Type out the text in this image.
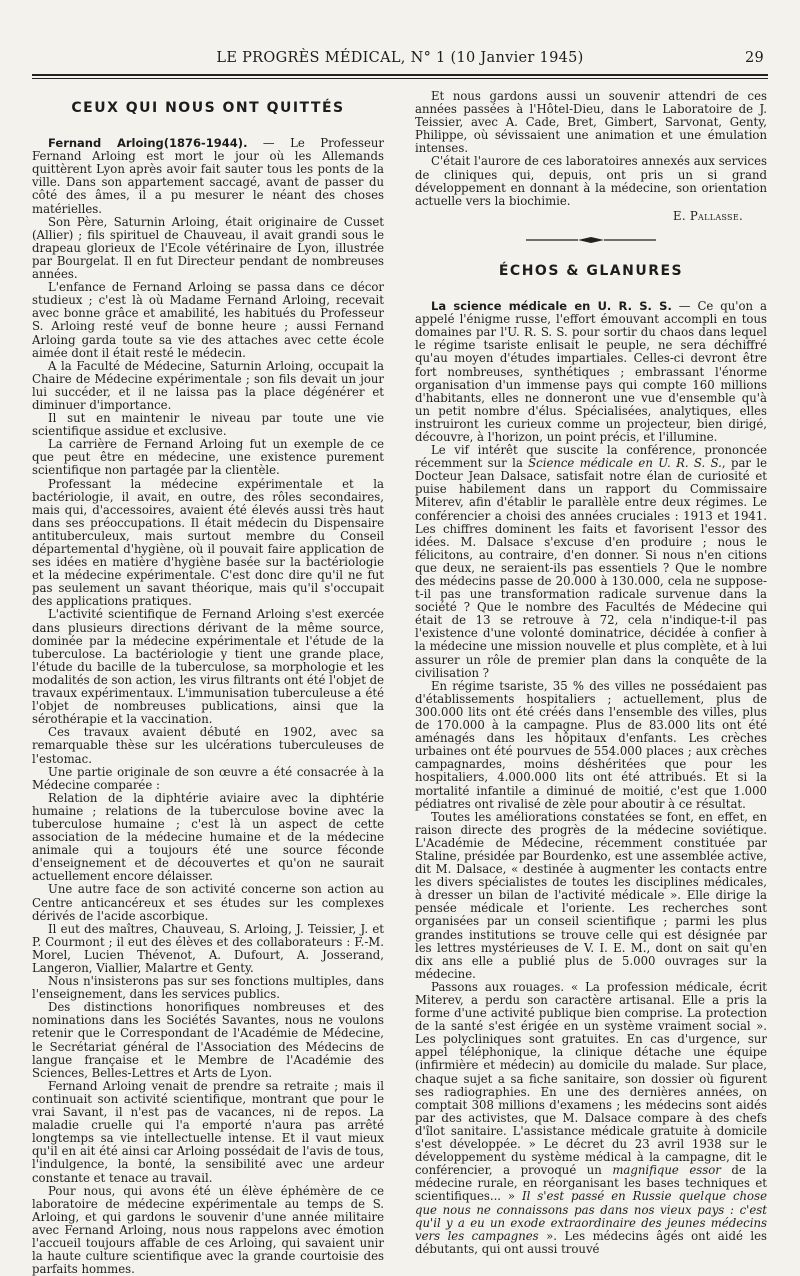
LE PROGRÈS MÉDICAL, N° 1 (10 Janvier 1945)	29
CEUX QUI NOUS ONT QUITTÉS

Fernand Arloing(1876-1944). — Le Professeur Fernand Arloing est mort le jour où les Allemands quittèrent Lyon après avoir fait sauter tous les ponts de la ville. Dans son appartement saccagé, avant de passer du côté des âmes, il a pu mesurer le néant des choses matérielles.

Son Père, Saturnin Arloing, était originaire de Cusset (Allier) ; fils spirituel de Chauveau, il avait grandi sous le drapeau glorieux de l'Ecole vétérinaire de Lyon, illustrée par Bourgelat. Il en fut Directeur pendant de nombreuses années.

L'enfance de Fernand Arloing se passa dans ce décor studieux ; c'est là où Madame Fernand Arloing, recevait avec bonne grâce et amabilité, les habitués du Professeur S. Arloing resté veuf de bonne heure ; aussi Fernand Arloing garda toute sa vie des attaches avec cette école aimée dont il était resté le médecin.

A la Faculté de Médecine, Saturnin Arloing, occupait la Chaire de Médecine expérimentale ; son fils devait un jour lui succéder, et il ne laissa pas la place dégénérer et diminuer d'importance.

Il sut en maintenir le niveau par toute une vie scientifique assidue et exclusive.

La carrière de Fernand Arloing fut un exemple de ce que peut être en médecine, une existence purement scientifique non partagée par la clientèle.

Professant la médecine expérimentale et la bactériologie, il avait, en outre, des rôles secondaires, mais qui, d'accessoires, avaient été élevés aussi très haut dans ses préoccupations. Il était médecin du Dispensaire antituberculeux, mais surtout membre du Conseil départemental d'hygiène, où il pouvait faire application de ses idées en matière d'hygiène basée sur la bactériologie et la médecine expérimentale. C'est donc dire qu'il ne fut pas seulement un savant théorique, mais qu'il s'occupait des applications pratiques.

L'activité scientifique de Fernand Arloing s'est exercée dans plusieurs directions dérivant de la même source, dominée par la médecine expérimentale et l'étude de la tuberculose. La bactériologie y tient une grande place, l'étude du bacille de la tuberculose, sa morphologie et les modalités de son action, les virus filtrants ont été l'objet de travaux expérimentaux. L'immunisation tuberculeuse a été l'objet de nombreuses publications, ainsi que la sérothérapie et la vaccination.

Ces travaux avaient débuté en 1902, avec sa remarquable thèse sur les ulcérations tuberculeuses de l'estomac.

Une partie originale de son œuvre a été consacrée à la Médecine comparée :

Relation de la diphtérie aviaire avec la diphtérie humaine ; relations de la tuberculose bovine avec la tuberculose humaine ; c'est là un aspect de cette association de la médecine humaine et de la médecine animale qui a toujours été une source féconde d'enseignement et de découvertes et qu'on ne saurait actuellement encore délaisser.

Une autre face de son activité concerne son action au Centre anticancéreux et ses études sur les complexes dérivés de l'acide ascorbique.

Il eut des maîtres, Chauveau, S. Arloing, J. Teissier, J. et P. Courmont ; il eut des élèves et des collaborateurs : F.-M. Morel, Lucien Thévenot, A. Dufourt, A. Josserand, Langeron, Viallier, Malartre et Genty.

Nous n'insisterons pas sur ses fonctions multiples, dans l'enseignement, dans les services publics.

Des distinctions honorifiques nombreuses et des nominations dans les Sociétés Savantes, nous ne voulons retenir que le Correspondant de l'Académie de Médecine, le Secrétariat général de l'Association des Médecins de langue française et le Membre de l'Académie des Sciences, Belles-Lettres et Arts de Lyon.

Fernand Arloing venait de prendre sa retraite ; mais il continuait son activité scientifique, montrant que pour le vrai Savant, il n'est pas de vacances, ni de repos. La maladie cruelle qui l'a emporté n'aura pas arrêté longtemps sa vie intellectuelle intense. Et il vaut mieux qu'il en ait été ainsi car Arloing possédait de l'avis de tous, l'indulgence, la bonté, la sensibilité avec une ardeur constante et tenace au travail.

Pour nous, qui avons été un élève éphémère de ce laboratoire de médecine expérimentale au temps de S. Arloing, et qui gardons le souvenir d'une année militaire avec Fernand Arloing, nous nous rappelons avec émotion l'accueil toujours affable de ces Arloing, qui savaient unir la haute culture scientifique avec la grande courtoisie des parfaits hommes.

Et nous gardons aussi un souvenir attendri de ces années passées à l'Hôtel-Dieu, dans le Laboratoire de J. Teissier, avec A. Cade, Bret, Gimbert, Sarvonat, Genty, Philippe, où sévissaient une animation et une émulation intenses.

C'était l'aurore de ces laboratoires annexés aux services de cliniques qui, depuis, ont pris un si grand développement en donnant à la médecine, son orientation actuelle vers la biochimie.

E. Pallasse.
ÉCHOS & GLANURES

La science médicale en U. R. S. S. — Ce qu'on a appelé l'énigme russe, l'effort émouvant accompli en tous domaines par l'U. R. S. S. pour sortir du chaos dans lequel le régime tsariste enlisait le peuple, ne sera déchiffré qu'au moyen d'études impartiales. Celles-ci devront être fort nombreuses, synthétiques ; embrassant l'énorme organisation d'un immense pays qui compte 160 millions d'habitants, elles ne donneront une vue d'ensemble qu'à un petit nombre d'élus. Spécialisées, analytiques, elles instruiront les curieux comme un projecteur, bien dirigé, découvre, à l'horizon, un point précis, et l'illumine.

Le vif intérêt que suscite la conférence, prononcée récemment sur la Science médicale en U. R. S. S., par le Docteur Jean Dalsace, satisfait notre élan de curiosité et puise habilement dans un rapport du Commissaire Miterev, afin d'établir le parallèle entre deux régimes. Le conférencier a choisi des années cruciales : 1913 et 1941. Les chiffres dominent les faits et favorisent l'essor des idées. M. Dalsace s'excuse d'en produire ; nous le félicitons, au contraire, d'en donner. Si nous n'en citions que deux, ne seraient-ils pas essentiels ? Que le nombre des médecins passe de 20.000 à 130.000, cela ne suppose-t-il pas une transformation radicale survenue dans la société ? Que le nombre des Facultés de Médecine qui était de 13 se retrouve à 72, cela n'indique-t-il pas l'existence d'une volonté dominatrice, décidée à confier à la médecine une mission nouvelle et plus complète, et à lui assurer un rôle de premier plan dans la conquête de la civilisation ?

En régime tsariste, 35 % des villes ne possédaient pas d'établissements hospitaliers ; actuellement, plus de 300.000 lits ont été créés dans l'ensemble des villes, plus de 170.000 à la campagne. Plus de 83.000 lits ont été aménagés dans les hôpitaux d'enfants. Les crèches urbaines ont été pourvues de 554.000 places ; aux crèches campagnardes, moins déshéritées que pour les hospitaliers, 4.000.000 lits ont été attribués. Et si la mortalité infantile a diminué de moitié, c'est que 1.000 pédiatres ont rivalisé de zèle pour aboutir à ce résultat.

Toutes les améliorations constatées se font, en effet, en raison directe des progrès de la médecine soviétique. L'Académie de Médecine, récemment constituée par Staline, présidée par Bourdenko, est une assemblée active, dit M. Dalsace, « destinée à augmenter les contacts entre les divers spécialistes de toutes les disciplines médicales, à dresser un bilan de l'activité médicale ». Elle dirige la pensée médicale et l'oriente. Les recherches sont organisées par un conseil scientifique ; parmi les plus grandes institutions se trouve celle qui est désignée par les lettres mystérieuses de V. I. E. M., dont on sait qu'en dix ans elle a publié plus de 5.000 ouvrages sur la médecine.

Passons aux rouages. « La profession médicale, écrit Miterev, a perdu son caractère artisanal. Elle a pris la forme d'une activité publique bien comprise. La protection de la santé s'est érigée en un système vraiment social ». Les polycliniques sont gratuites. En cas d'urgence, sur appel téléphonique, la clinique détache une équipe (infirmière et médecin) au domicile du malade. Sur place, chaque sujet a sa fiche sanitaire, son dossier où figurent ses radiographies. En une des dernières années, on comptait 308 millions d'examens ; les médecins sont aidés par des activistes, que M. Dalsace compare à des chefs d'îlot sanitaire. L'assistance médicale gratuite à domicile s'est développée. » Le décret du 23 avril 1938 sur le développement du système médical à la campagne, dit le conférencier, a provoqué un magnifique essor de la médecine rurale, en réorganisant les bases techniques et scientifiques... » Il s'est passé en Russie quelque chose que nous ne connaissons pas dans nos vieux pays : c'est qu'il y a eu un exode extraordinaire des jeunes médecins vers les campagnes ». Les médecins âgés ont aidé les débutants, qui ont aussi trouvé
